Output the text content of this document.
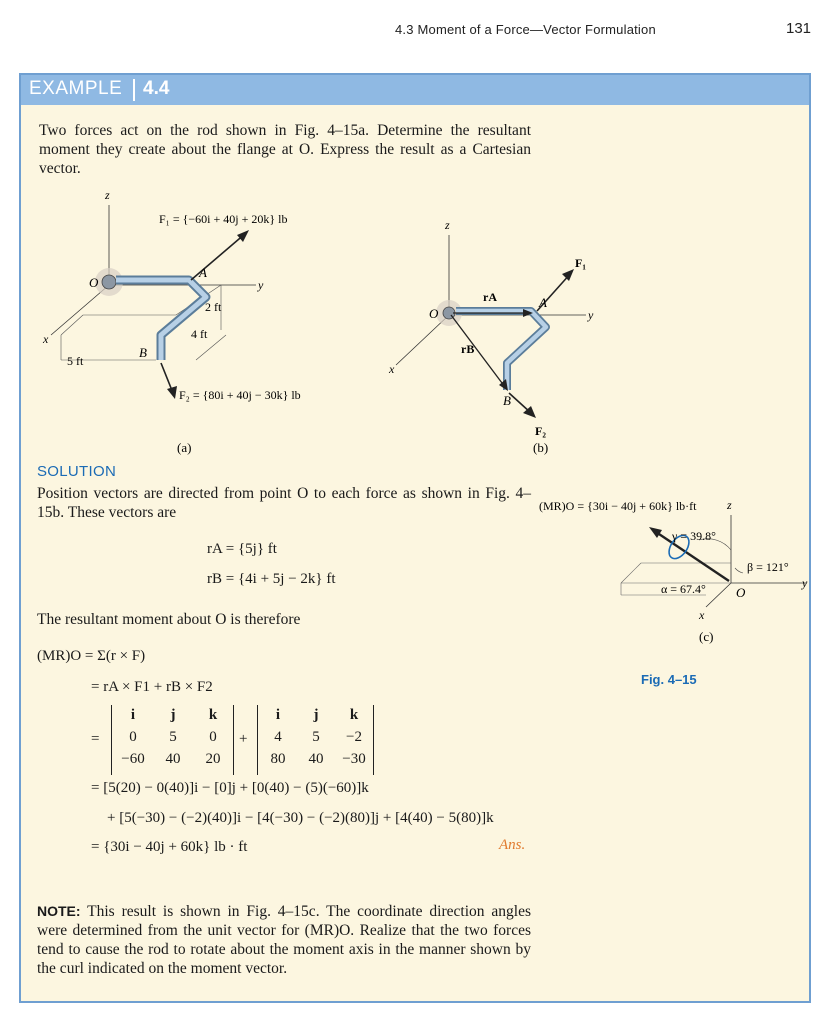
4.3 Moment of a Force—Vector Formulation	131
EXAMPLE 4.4
Two forces act on the rod shown in Fig. 4–15a. Determine the resultant moment they create about the flange at O. Express the result as a Cartesian vector.
z
y
x
O
A
B
2 ft
4 ft
5 ft
F₁ = {−60i + 40j + 20k} lb
F₂ = {80i + 40j − 30k} lb
(a)
z
y
x
O
A
B
rA
rB
F₁
F₂
(b)
SOLUTION
Position vectors are directed from point O to each force as shown in Fig. 4–15b. These vectors are
rA = {5j} ft
rB = {4i + 5j − 2k} ft
The resultant moment about O is therefore
(MR)O = Σ(r × F)
= rA × F1 + rB × F2
=
i	j	k
0	5	0
−60	40	20
+
i	j	k
4	5	−2
80	40	−30
= [5(20) − 0(40)]i − [0]j + [0(40) − (5)(−60)]k
+ [5(−30) − (−2)(40)]i − [4(−30) − (−2)(80)]j + [4(40) − 5(80)]k
= {30i − 40j + 60k} lb · ft	Ans.
NOTE: This result is shown in Fig. 4–15c. The coordinate direction angles were determined from the unit vector for (MR)O. Realize that the two forces tend to cause the rod to rotate about the moment axis in the manner shown by the curl indicated on the moment vector.
z
y
x
O
(MR)O = {30i − 40j + 60k} lb·ft
γ = 39.8°
β = 121°
α = 67.4°
(c)
Fig. 4–15
